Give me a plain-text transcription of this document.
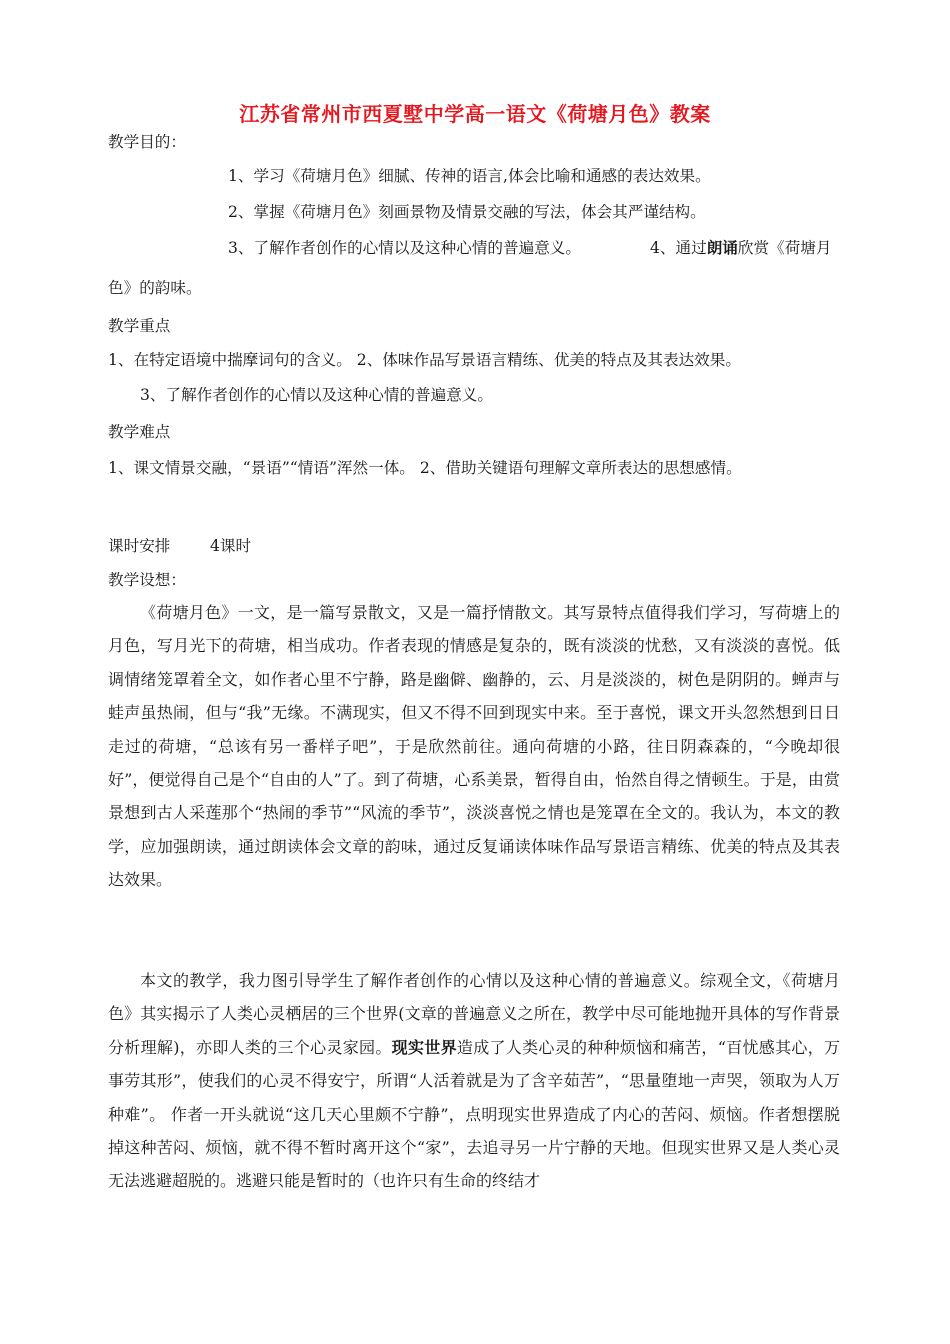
江苏省常州市西夏墅中学高一语文《荷塘月色》教案
教学目的：
1、学习《荷塘月色》细腻、传神的语言,体会比喻和通感的表达效果。
2、掌握《荷塘月色》刻画景物及情景交融的写法，体会其严谨结构。
3、了解作者创作的心情以及这种心情的普遍意义。	4、通过朗诵欣赏《荷塘月
色》的韵味。
教学重点
1、在特定语境中揣摩词句的含义。 2、体味作品写景语言精练、优美的特点及其表达效果。
3、了解作者创作的心情以及这种心情的普遍意义。
教学难点
1、课文情景交融，“景语”“情语”浑然一体。 2、借助关键语句理解文章所表达的思想感情。
课时安排	4课时
教学设想：
《荷塘月色》一文，是一篇写景散文，又是一篇抒情散文。其写景特点值得我们学习，写荷塘上的月色，写月光下的荷塘，相当成功。作者表现的情感是复杂的，既有淡淡的忧愁，又有淡淡的喜悦。低调情绪笼罩着全文，如作者心里不宁静，路是幽僻、幽静的，云、月是淡淡的，树色是阴阴的。蝉声与蛙声虽热闹，但与“我”无缘。不满现实，但又不得不回到现实中来。至于喜悦，课文开头忽然想到日日走过的荷塘，“总该有另一番样子吧”，于是欣然前往。通向荷塘的小路，往日阴森森的，“今晚却很好”，便觉得自己是个“自由的人”了。到了荷塘，心系美景，暂得自由，怡然自得之情顿生。于是，由赏景想到古人采莲那个“热闹的季节”“风流的季节”，淡淡喜悦之情也是笼罩在全文的。我认为，本文的教学，应加强朗读，通过朗读体会文章的韵味，通过反复诵读体味作品写景语言精练、优美的特点及其表达效果。
本文的教学，我力图引导学生了解作者创作的心情以及这种心情的普遍意义。综观全文，《荷塘月色》其实揭示了人类心灵栖居的三个世界(文章的普遍意义之所在，教学中尽可能地抛开具体的写作背景分析理解)，亦即人类的三个心灵家园。现实世界造成了人类心灵的种种烦恼和痛苦，“百忧感其心，万事劳其形”，使我们的心灵不得安宁，所谓“人活着就是为了含辛茹苦”，“思量堕地一声哭，领取为人万种难”。 作者一开头就说“这几天心里颇不宁静”，点明现实世界造成了内心的苦闷、烦恼。作者想摆脱掉这种苦闷、烦恼，就不得不暂时离开这个“家”，去追寻另一片宁静的天地。但现实世界又是人类心灵无法逃避超脱的。逃避只能是暂时的（也许只有生命的终结才
